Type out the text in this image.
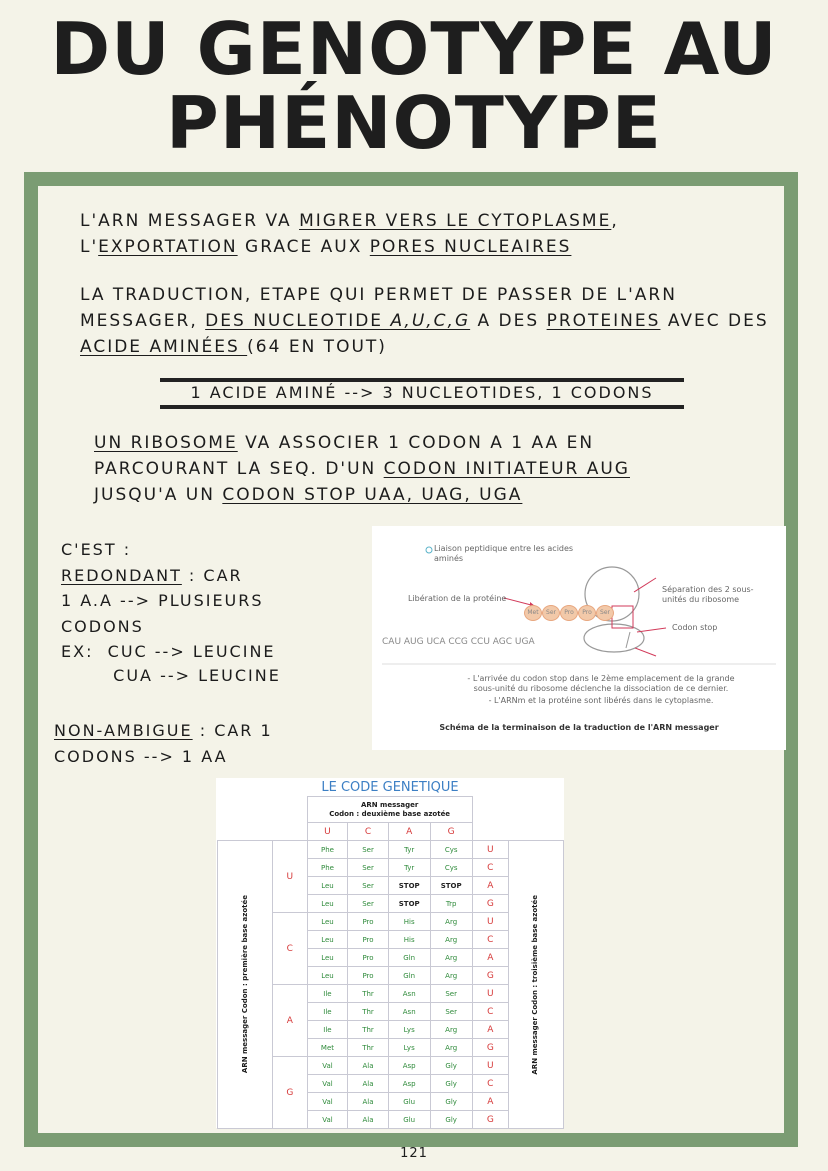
DU GENOTYPE AU
PHÉNOTYPE
L'ARN MESSAGER VA MIGRER VERS LE CYTOPLASME,
L'EXPORTATION GRACE AUX PORES NUCLEAIRES
LA TRADUCTION, ETAPE QUI PERMET DE PASSER DE L'ARN MESSAGER, DES NUCLEOTIDE A,U,C,G A DES PROTEINES AVEC DES ACIDE AMINÉES (64 EN TOUT)
1 ACIDE AMINÉ --> 3 NUCLEOTIDES, 1 CODONS
UN RIBOSOME VA ASSOCIER 1 CODON A 1 AA EN PARCOURANT LA SEQ. D'UN CODON INITIATEUR AUG
JUSQU'A UN CODON STOP UAA, UAG, UGA
C'EST :
REDONDANT : CAR
1 A.A --> PLUSIEURS CODONS
EX: CUC --> LEUCINE
CUA --> LEUCINE
NON-AMBIGUE : CAR 1 CODONS --> 1 AA
CAU AUG UCA CCG CCU AGC UGA
Liaison peptidique entre les acides aminés
Libération de la protéine
Séparation des 2 sous-unités du ribosome
Codon stop
Met	Ser	Pro	Pro	Ser
- L'arrivée du codon stop dans le 2ème emplacement de la grande sous-unité du ribosome déclenche la dissociation de ce dernier.
- L'ARNm et la protéine sont libérés dans le cytoplasme.
Schéma de la terminaison de la traduction de l'ARN messager
LE CODE GENETIQUE

		ARN messager
Codon : deuxième base azotée					

		U	C	A	G		

ARN messager Codon : première base azotée	U	Phe	Ser	Tyr	Cys	U	ARN messager Codon : troisième base azotée

		Phe	Ser	Tyr	Cys	C	
		Leu	Ser	STOP	STOP	A	
		Leu	Ser	STOP	Trp	G	
	C	Leu	Pro	His	Arg	U	
		Leu	Pro	His	Arg	C	
		Leu	Pro	Gln	Arg	A	
		Leu	Pro	Gln	Arg	G	
	A	Ile	Thr	Asn	Ser	U	
		Ile	Thr	Asn	Ser	C	
		Ile	Thr	Lys	Arg	A	
		Met	Thr	Lys	Arg	G	
	G	Val	Ala	Asp	Gly	U	
		Val	Ala	Asp	Gly	C	
		Val	Ala	Glu	Gly	A	
		Val	Ala	Glu	Gly	G	
121
